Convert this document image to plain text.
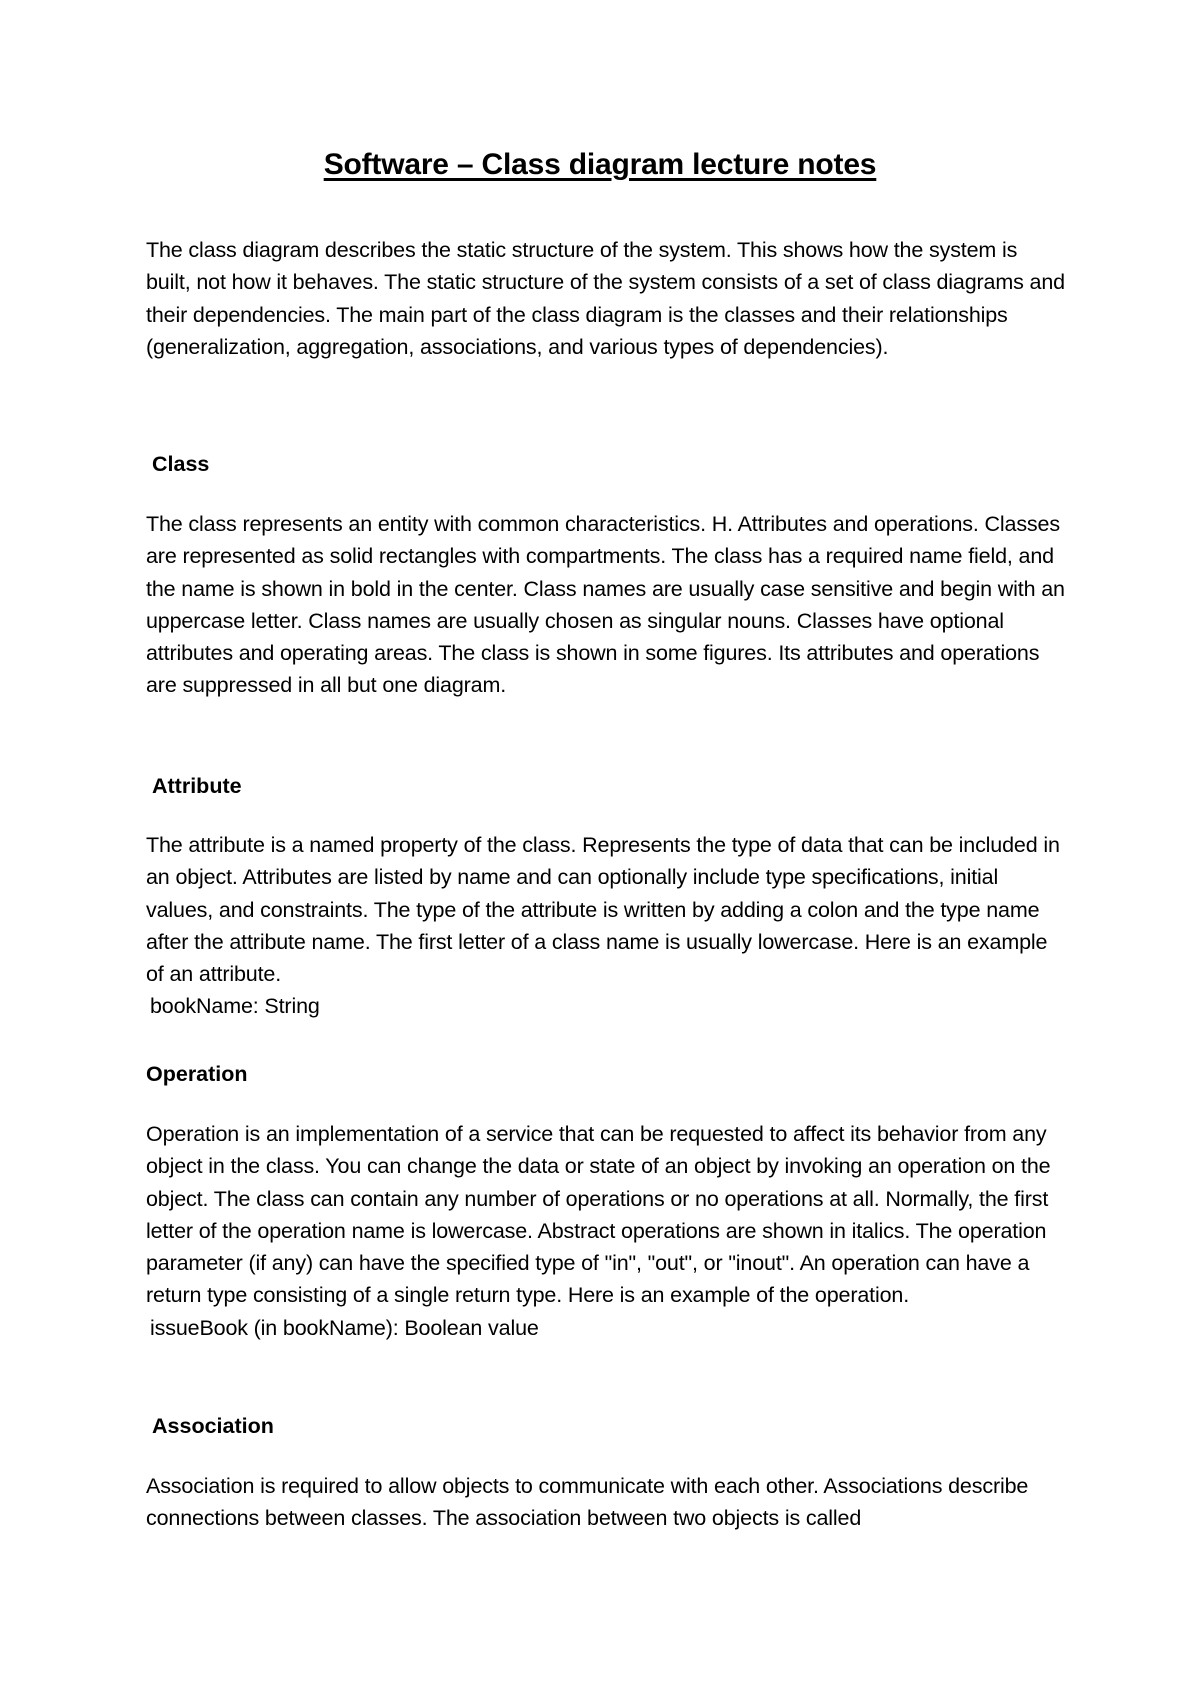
Software – Class diagram lecture notes

The class diagram describes the static structure of the system. This shows how the system is built, not how it behaves. The static structure of the system consists of a set of class diagrams and their dependencies. The main part of the class diagram is the classes and their relationships (generalization, aggregation, associations, and various types of dependencies).

Class

The class represents an entity with common characteristics. H. Attributes and operations. Classes are represented as solid rectangles with compartments. The class has a required name field, and the name is shown in bold in the center. Class names are usually case sensitive and begin with an uppercase letter. Class names are usually chosen as singular nouns. Classes have optional attributes and operating areas. The class is shown in some figures. Its attributes and operations are suppressed in all but one diagram.

Attribute

The attribute is a named property of the class. Represents the type of data that can be included in an object. Attributes are listed by name and can optionally include type specifications, initial values, and constraints. The type of the attribute is written by adding a colon and the type name after the attribute name. The first letter of a class name is usually lowercase. Here is an example of an attribute.

bookName: String
Operation

Operation is an implementation of a service that can be requested to affect its behavior from any object in the class. You can change the data or state of an object by invoking an operation on the object. The class can contain any number of operations or no operations at all. Normally, the first letter of the operation name is lowercase. Abstract operations are shown in italics. The operation parameter (if any) can have the specified type of "in", "out", or "inout". An operation can have a return type consisting of a single return type. Here is an example of the operation.

issueBook (in bookName): Boolean value
Association

Association is required to allow objects to communicate with each other. Associations describe connections between classes. The association between two objects is called
